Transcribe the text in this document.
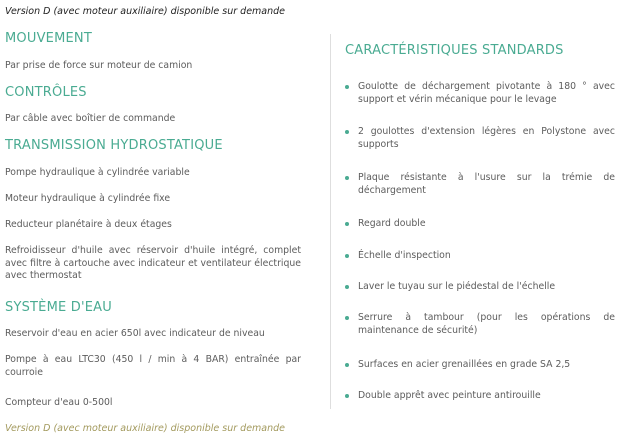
Version D (avec moteur auxiliaire) disponible sur demande
MOUVEMENT
Par prise de force sur moteur de camion
CONTRÔLES
Par câble avec boîtier de commande
TRANSMISSION HYDROSTATIQUE
Pompe hydraulique à cylindrée variable
Moteur hydraulique à cylindrée fixe
Reducteur planétaire à deux étages
Refroidisseur d'huile avec réservoir d'huile intégré, complet avec filtre à cartouche avec indicateur et ventilateur électrique avec thermostat
SYSTÈME D'EAU
Reservoir d'eau en acier 650l avec indicateur de niveau
Pompe à eau LTC30 (450 l / min à 4 BAR) entraînée par courroie
Compteur d'eau 0-500l
CARACTÉRISTIQUES STANDARDS
Goulotte de déchargement pivotante à 180 ° avec support et vérin mécanique pour le levage
2 goulottes d'extension légères en Polystone avec supports
Plaque résistante à l'usure sur la trémie de déchargement
Regard double
Échelle d'inspection
Laver le tuyau sur le piédestal de l'échelle
Serrure à tambour (pour les opérations de maintenance de sécurité)
Surfaces en acier grenaillées en grade SA 2,5
Double apprêt avec peinture antirouille
Version D (avec moteur auxiliaire) disponible sur demande
